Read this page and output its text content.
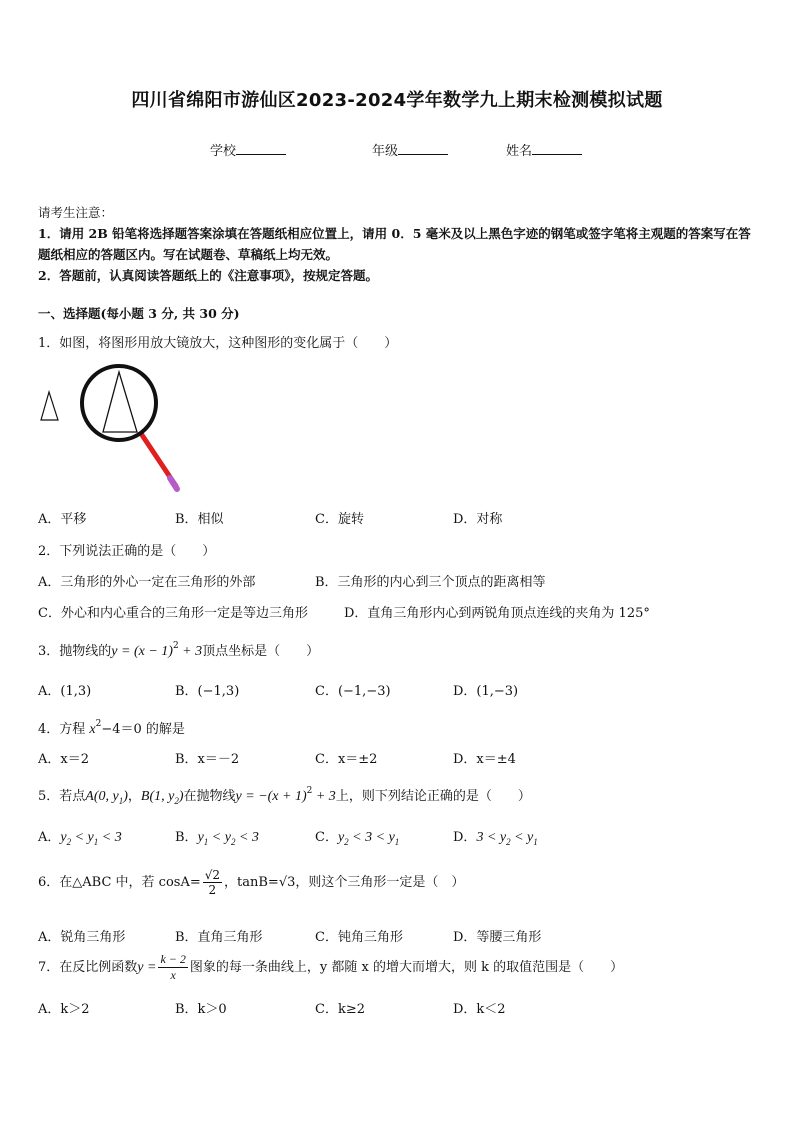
四川省绵阳市游仙区2023-2024学年数学九上期末检测模拟试题
学校	年级	姓名
请考生注意：
1．请用 2B 铅笔将选择题答案涂填在答题纸相应位置上，请用 0．5 毫米及以上黑色字迹的钢笔或签字笔将主观题的答案写在答题纸相应的答题区内。写在试题卷、草稿纸上均无效。
2．答题前，认真阅读答题纸上的《注意事项》，按规定答题。
一、选择题(每小题 3 分, 共 30 分)
1．如图，将图形用放大镜放大，这种图形的变化属于（　　）
A．平移	B．相似	C．旋转	D．对称
2．下列说法正确的是（　　）
A．三角形的外心一定在三角形的外部	B．三角形的内心到三个顶点的距离相等
C．外心和内心重合的三角形一定是等边三角形	D．直角三角形内心到两锐角顶点连线的夹角为 125°
3．抛物线的$y = (x - 1)^2 + 3$顶点坐标是（　　）
A．(1,3)	B．(−1,3)	C．(−1,−3)	D．(1,−3)
4．方程 $x^2-4=0$ 的解是
A．x＝2	B．x＝－2	C．x＝±2	D．x＝±4
5．若点A(0, $y_1$)，B(1, $y_2$)在抛物线$y = -(x + 1)^2 + 3$上，则下列结论正确的是（　　）
A．$y_2 < y_1 < 3$	B．$y_1 < y_2 < 3$	C．$y_2 < 3 < y_1$	D．$3 < y_2 < y_1$
6．在△ABC 中，若 $\cos A= \frac{√2}{2}$ ，tanB=√3，则这个三角形一定是（　）
A．锐角三角形	B．直角三角形	C．钝角三角形	D．等腰三角形
7．在反比例函数$y = \frac{k - 2}{x}$ 图象的每一条曲线上，y 都随 x 的增大而增大，则 k 的取值范围是（　　）
A．k＞2	B．k＞0	C．k≥2	D．k＜2
